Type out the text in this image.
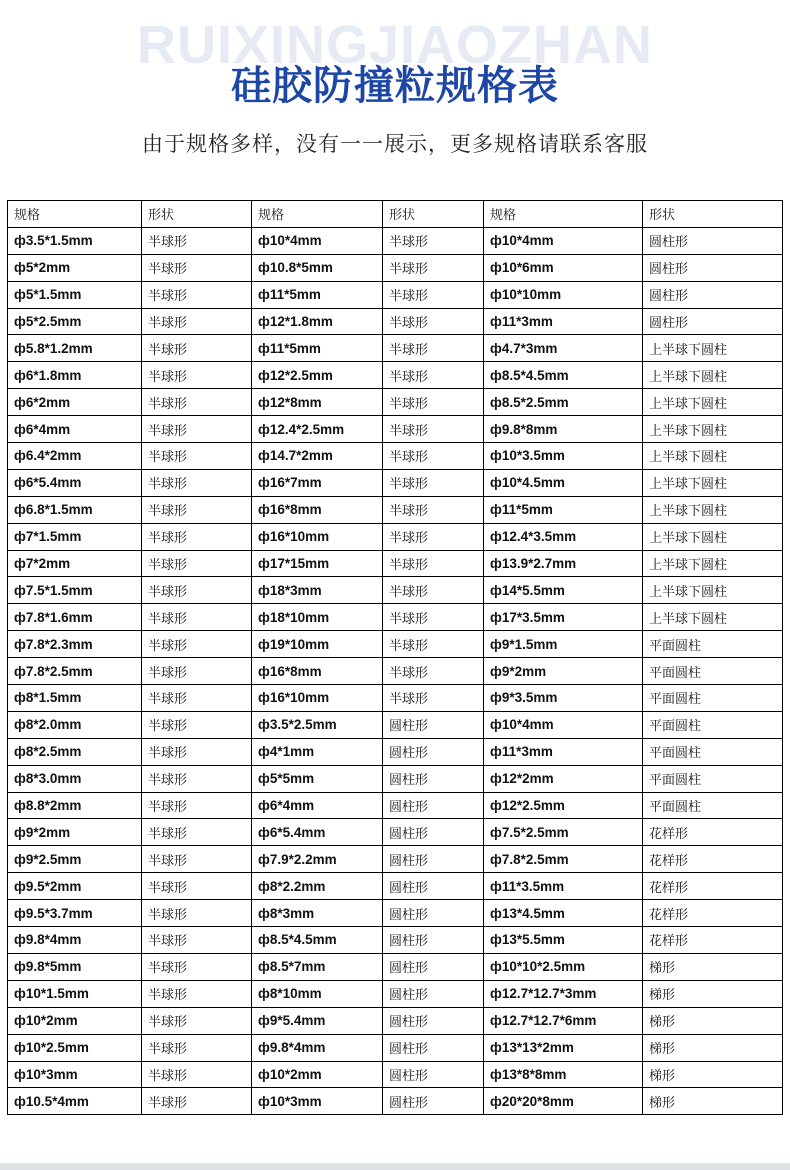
RUIXINGJIAOZHAN
硅胶防撞粒规格表
由于规格多样，没有一一展示，更多规格请联系客服
规格	形状	规格	形状	规格	形状
ф3.5*1.5mm	半球形	ф10*4mm	半球形	ф10*4mm	圆柱形
ф5*2mm	半球形	ф10.8*5mm	半球形	ф10*6mm	圆柱形
ф5*1.5mm	半球形	ф11*5mm	半球形	ф10*10mm	圆柱形
ф5*2.5mm	半球形	ф12*1.8mm	半球形	ф11*3mm	圆柱形
ф5.8*1.2mm	半球形	ф11*5mm	半球形	ф4.7*3mm	上半球下圆柱
ф6*1.8mm	半球形	ф12*2.5mm	半球形	ф8.5*4.5mm	上半球下圆柱
ф6*2mm	半球形	ф12*8mm	半球形	ф8.5*2.5mm	上半球下圆柱
ф6*4mm	半球形	ф12.4*2.5mm	半球形	ф9.8*8mm	上半球下圆柱
ф6.4*2mm	半球形	ф14.7*2mm	半球形	ф10*3.5mm	上半球下圆柱
ф6*5.4mm	半球形	ф16*7mm	半球形	ф10*4.5mm	上半球下圆柱
ф6.8*1.5mm	半球形	ф16*8mm	半球形	ф11*5mm	上半球下圆柱
ф7*1.5mm	半球形	ф16*10mm	半球形	ф12.4*3.5mm	上半球下圆柱
ф7*2mm	半球形	ф17*15mm	半球形	ф13.9*2.7mm	上半球下圆柱
ф7.5*1.5mm	半球形	ф18*3mm	半球形	ф14*5.5mm	上半球下圆柱
ф7.8*1.6mm	半球形	ф18*10mm	半球形	ф17*3.5mm	上半球下圆柱
ф7.8*2.3mm	半球形	ф19*10mm	半球形	ф9*1.5mm	平面圆柱
ф7.8*2.5mm	半球形	ф16*8mm	半球形	ф9*2mm	平面圆柱
ф8*1.5mm	半球形	ф16*10mm	半球形	ф9*3.5mm	平面圆柱
ф8*2.0mm	半球形	ф3.5*2.5mm	圆柱形	ф10*4mm	平面圆柱
ф8*2.5mm	半球形	ф4*1mm	圆柱形	ф11*3mm	平面圆柱
ф8*3.0mm	半球形	ф5*5mm	圆柱形	ф12*2mm	平面圆柱
ф8.8*2mm	半球形	ф6*4mm	圆柱形	ф12*2.5mm	平面圆柱
ф9*2mm	半球形	ф6*5.4mm	圆柱形	ф7.5*2.5mm	花样形
ф9*2.5mm	半球形	ф7.9*2.2mm	圆柱形	ф7.8*2.5mm	花样形
ф9.5*2mm	半球形	ф8*2.2mm	圆柱形	ф11*3.5mm	花样形
ф9.5*3.7mm	半球形	ф8*3mm	圆柱形	ф13*4.5mm	花样形
ф9.8*4mm	半球形	ф8.5*4.5mm	圆柱形	ф13*5.5mm	花样形
ф9.8*5mm	半球形	ф8.5*7mm	圆柱形	ф10*10*2.5mm	梯形
ф10*1.5mm	半球形	ф8*10mm	圆柱形	ф12.7*12.7*3mm	梯形
ф10*2mm	半球形	ф9*5.4mm	圆柱形	ф12.7*12.7*6mm	梯形
ф10*2.5mm	半球形	ф9.8*4mm	圆柱形	ф13*13*2mm	梯形
ф10*3mm	半球形	ф10*2mm	圆柱形	ф13*8*8mm	梯形
ф10.5*4mm	半球形	ф10*3mm	圆柱形	ф20*20*8mm	梯形
